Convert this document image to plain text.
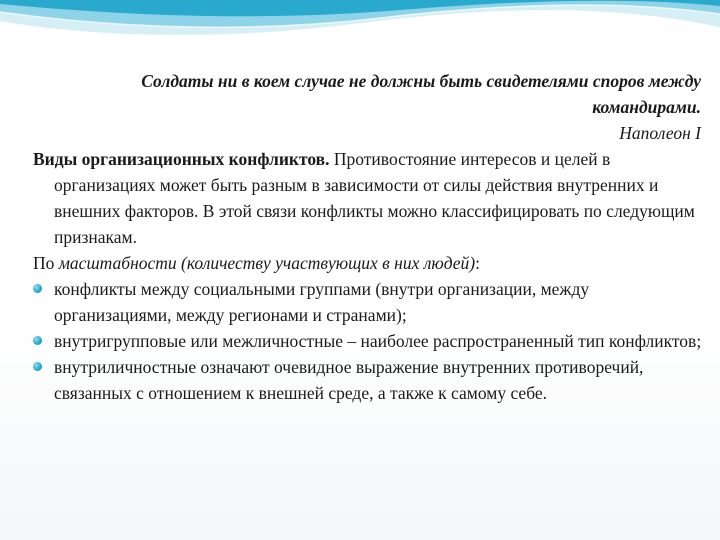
Солдаты ни в коем случае не должны быть свидетелями споров между
командирами.

Наполеон I

Виды организационных конфликтов. Противостояние интересов и целей в организациях может быть разным в зависимости от силы действия внутренних и внешних факторов. В этой связи конфликты можно классифицировать по следующим признакам.

По масштабности (количеству участвующих в них людей):

конфликты между социальными группами (внутри организации, между организациями, между регионами и странами);
внутригрупповые или межличностные – наиболее распространенный тип конфликтов;
внутриличностные означают очевидное выражение внутренних противоречий, связанных с отношением к внешней среде, а также к самому себе.
